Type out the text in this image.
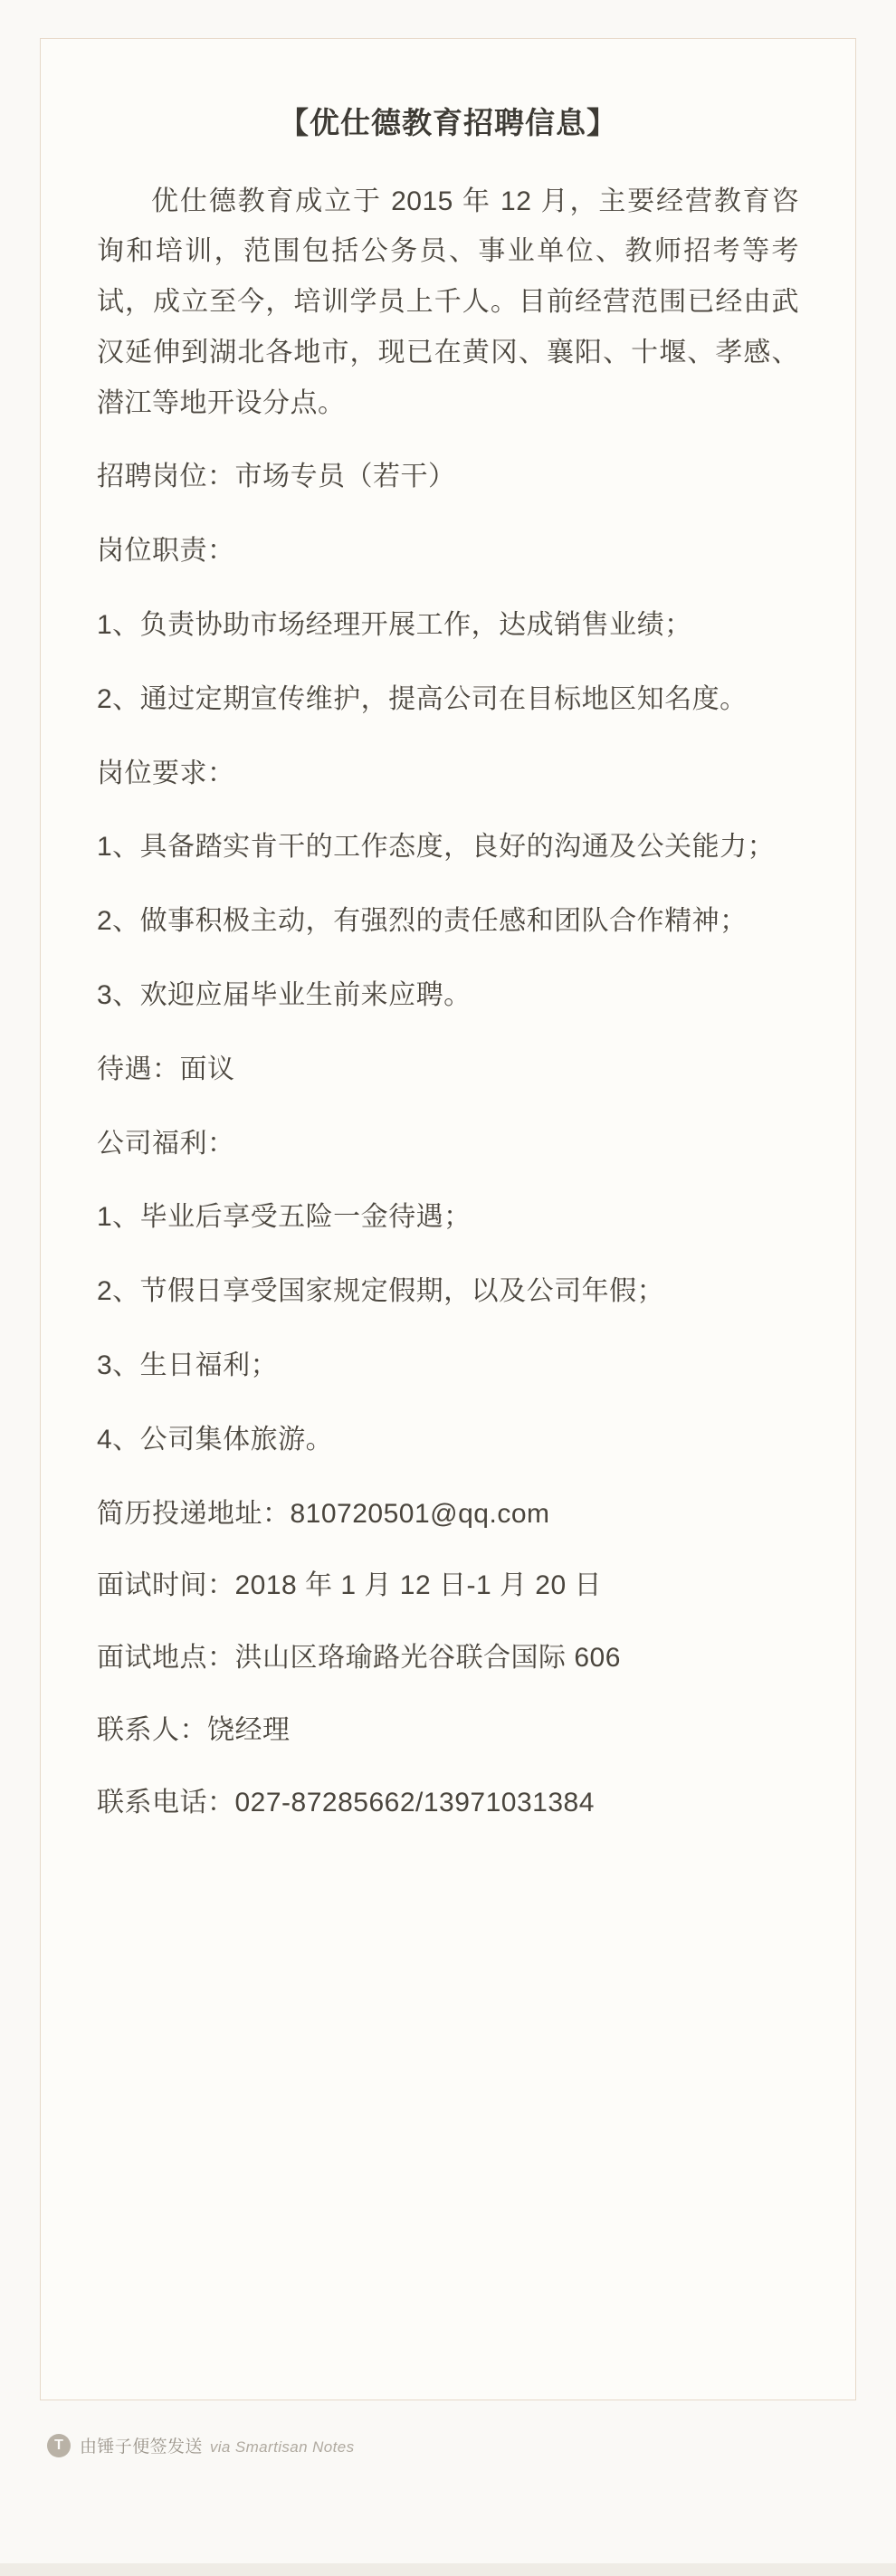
【优仕德教育招聘信息】

优仕德教育成立于 2015 年 12 月，主要经营教育咨询和培训，范围包括公务员、事业单位、教师招考等考试，成立至今，培训学员上千人。目前经营范围已经由武汉延伸到湖北各地市，现已在黄冈、襄阳、十堰、孝感、潜江等地开设分点。

招聘岗位：市场专员（若干）

岗位职责：

1、负责协助市场经理开展工作，达成销售业绩；

2、通过定期宣传维护，提高公司在目标地区知名度。

岗位要求：

1、具备踏实肯干的工作态度，良好的沟通及公关能力；

2、做事积极主动，有强烈的责任感和团队合作精神；

3、欢迎应届毕业生前来应聘。

待遇：面议

公司福利：

1、毕业后享受五险一金待遇；

2、节假日享受国家规定假期，以及公司年假；

3、生日福利；

4、公司集体旅游。

简历投递地址：810720501@qq.com

面试时间：2018 年 1 月 12 日-1 月 20 日

面试地点：洪山区珞瑜路光谷联合国际 606

联系人：饶经理

联系电话：027-87285662/13971031384

T 由锤子便签发送 via Smartisan Notes
